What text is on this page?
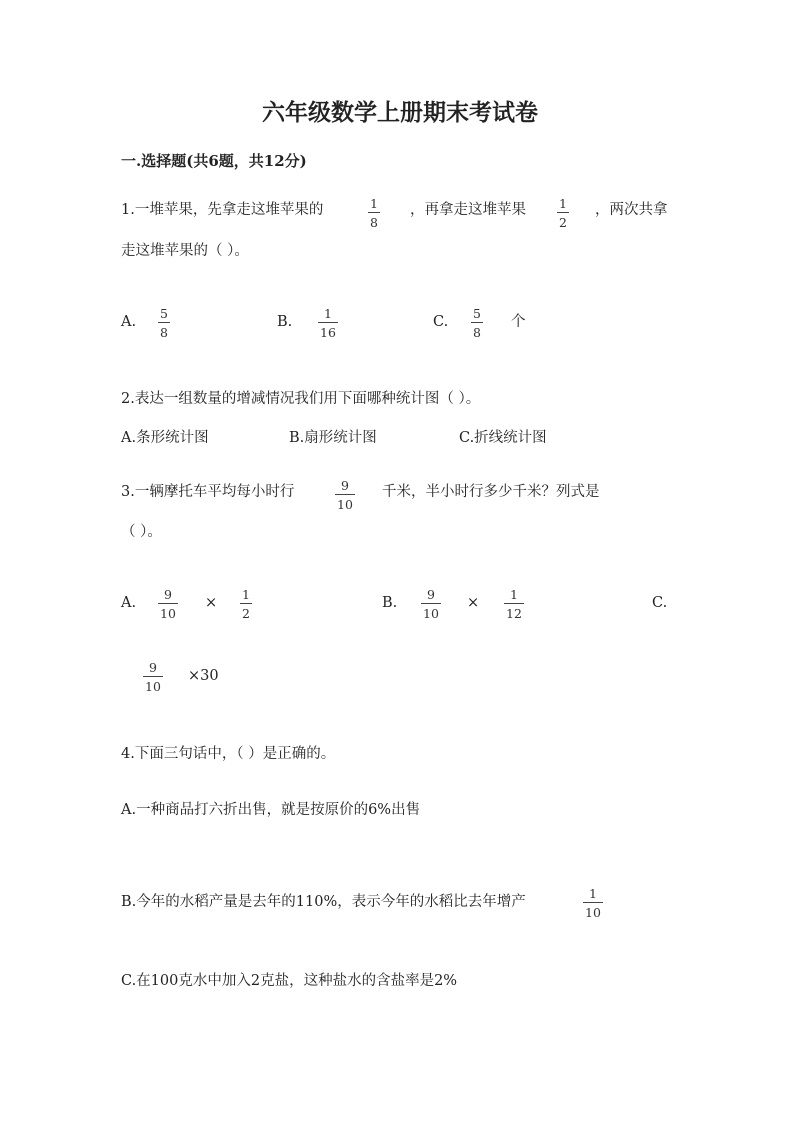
六年级数学上册期末考试卷
一.选择题(共6题，共12分)
1.一堆苹果，先拿走这堆苹果的	1
8
，再拿走这堆苹果	1
2
，两次共拿
走这堆苹果的（ ）。
A.
5
8
B.
1
16
C.
5
8
个
2.表达一组数量的增减情况我们用下面哪种统计图（ ）。
A.条形统计图	B.扇形统计图	C.折线统计图
3.一辆摩托车平均每小时行	9
10
千米，半小时行多少千米？列式是
（ ）。
A.
9
10
×
1
2
B.
9
10
×
1
12
C.
9
10
×30
4.下面三句话中，（ ）是正确的。
A.一种商品打六折出售，就是按原价的6%出售
B.今年的水稻产量是去年的110%，表示今年的水稻比去年增产
1
10
C.在100克水中加入2克盐，这种盐水的含盐率是2%
